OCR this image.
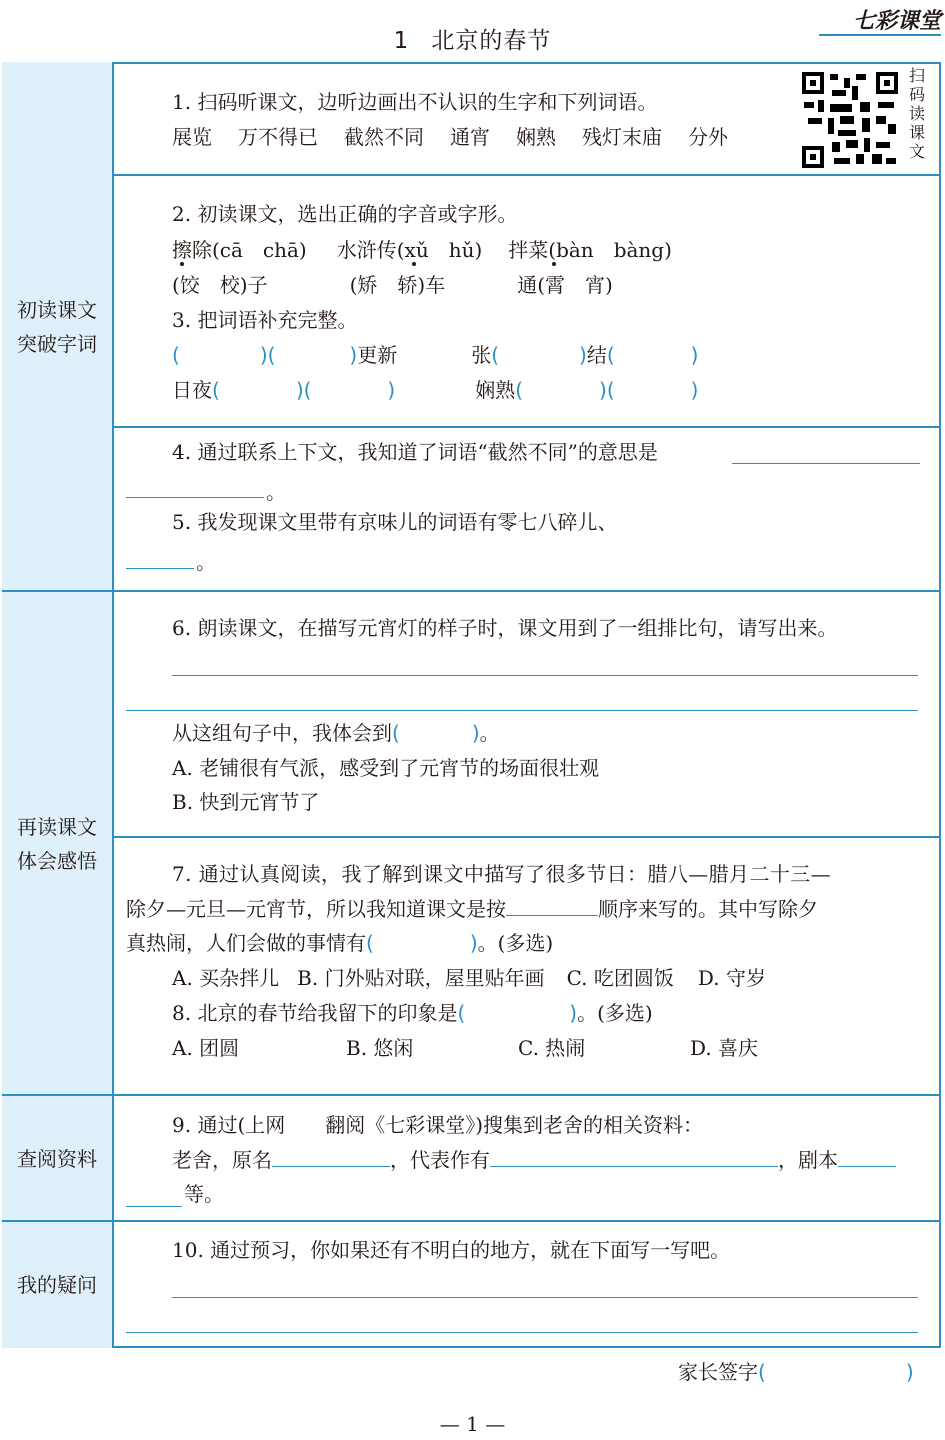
1 北京的春节
七彩课堂
初读课文
突破字词
再读课文
体会感悟
查阅资料
我的疑问
扫
码
读
课
文
1. 扫码听课文，边听边画出不认识的生字和下列词语。
展览 万不得已 截然不同 通宵 娴熟 残灯末庙 分外
2. 初读课文，选出正确的字音或字形。
擦除(cā　chā) 水浒传(xǔ　hǔ) 拌菜(bàn　bàng)
(饺　校)子	(矫　轿)车	通(霄　宵)
3. 把词语补充完整。
(	)(	)更新	张(	)结(	)
日夜(	)(	)	娴熟(	)(	)
4. 通过联系上下文，我知道了词语“截然不同”的意思是
。
5. 我发现课文里带有京味儿的词语有零七八碎儿、
。
6. 朗读课文，在描写元宵灯的样子时，课文用到了一组排比句，请写出来。
从这组句子中，我体会到(	)。
A. 老铺很有气派，感受到了元宵节的场面很壮观
B. 快到元宵节了
7. 通过认真阅读，我了解到课文中描写了很多节日：腊八—腊月二十三—
除夕—元旦—元宵节，所以我知道课文是按	顺序来写的。其中写除夕
真热闹，人们会做的事情有(	)。(多选)
A. 买杂拌儿 B. 门外贴对联，屋里贴年画 C. 吃团圆饭 D. 守岁
8. 北京的春节给我留下的印象是(	)。(多选)
A. 团圆	B. 悠闲	C. 热闹	D. 喜庆
9. 通过(上网　　翻阅《七彩课堂》)搜集到老舍的相关资料：
老舍，原名	，代表作有	，剧本
等。
10. 通过预习，你如果还有不明白的地方，就在下面写一写吧。
家长签字(	)
— 1 —
